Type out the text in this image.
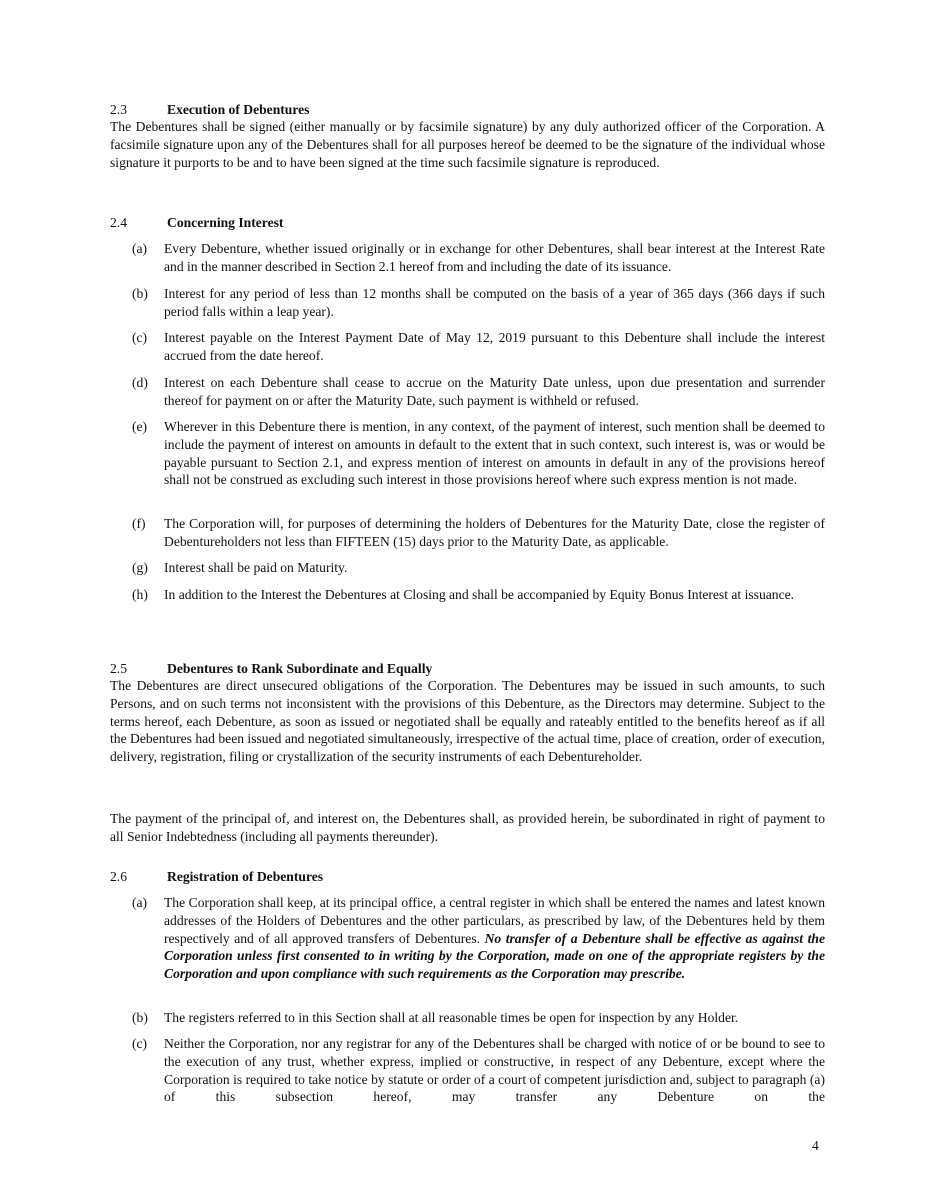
2.3	Execution of Debentures
The Debentures shall be signed (either manually or by facsimile signature) by any duly authorized officer of the Corporation. A facsimile signature upon any of the Debentures shall for all purposes hereof be deemed to be the signature of the individual whose signature it purports to be and to have been signed at the time such facsimile signature is reproduced.
2.4	Concerning Interest
(a) Every Debenture, whether issued originally or in exchange for other Debentures, shall bear interest at the Interest Rate and in the manner described in Section 2.1 hereof from and including the date of its issuance.
(b) Interest for any period of less than 12 months shall be computed on the basis of a year of 365 days (366 days if such period falls within a leap year).
(c) Interest payable on the Interest Payment Date of May 12, 2019 pursuant to this Debenture shall include the interest accrued from the date hereof.
(d) Interest on each Debenture shall cease to accrue on the Maturity Date unless, upon due presentation and surrender thereof for payment on or after the Maturity Date, such payment is withheld or refused.
(e) Wherever in this Debenture there is mention, in any context, of the payment of interest, such mention shall be deemed to include the payment of interest on amounts in default to the extent that in such context, such interest is, was or would be payable pursuant to Section 2.1, and express mention of interest on amounts in default in any of the provisions hereof shall not be construed as excluding such interest in those provisions hereof where such express mention is not made.
(f) The Corporation will, for purposes of determining the holders of Debentures for the Maturity Date, close the register of Debentureholders not less than FIFTEEN (15) days prior to the Maturity Date, as applicable.
(g) Interest shall be paid on Maturity.
(h) In addition to the Interest the Debentures at Closing and shall be accompanied by Equity Bonus Interest at issuance.
2.5	Debentures to Rank Subordinate and Equally
The Debentures are direct unsecured obligations of the Corporation. The Debentures may be issued in such amounts, to such Persons, and on such terms not inconsistent with the provisions of this Debenture, as the Directors may determine. Subject to the terms hereof, each Debenture, as soon as issued or negotiated shall be equally and rateably entitled to the benefits hereof as if all the Debentures had been issued and negotiated simultaneously, irrespective of the actual time, place of creation, order of execution, delivery, registration, filing or crystallization of the security instruments of each Debentureholder.
The payment of the principal of, and interest on, the Debentures shall, as provided herein, be subordinated in right of payment to all Senior Indebtedness (including all payments thereunder).
2.6	Registration of Debentures
(a) The Corporation shall keep, at its principal office, a central register in which shall be entered the names and latest known addresses of the Holders of Debentures and the other particulars, as prescribed by law, of the Debentures held by them respectively and of all approved transfers of Debentures. No transfer of a Debenture shall be effective as against the Corporation unless first consented to in writing by the Corporation, made on one of the appropriate registers by the Corporation and upon compliance with such requirements as the Corporation may prescribe.
(b) The registers referred to in this Section shall at all reasonable times be open for inspection by any Holder.
(c) Neither the Corporation, nor any registrar for any of the Debentures shall be charged with notice of or be bound to see to the execution of any trust, whether express, implied or constructive, in respect of any Debenture, except where the Corporation is required to take notice by statute or order of a court of competent jurisdiction and, subject to paragraph (a) of this subsection hereof, may transfer any Debenture on the
4
